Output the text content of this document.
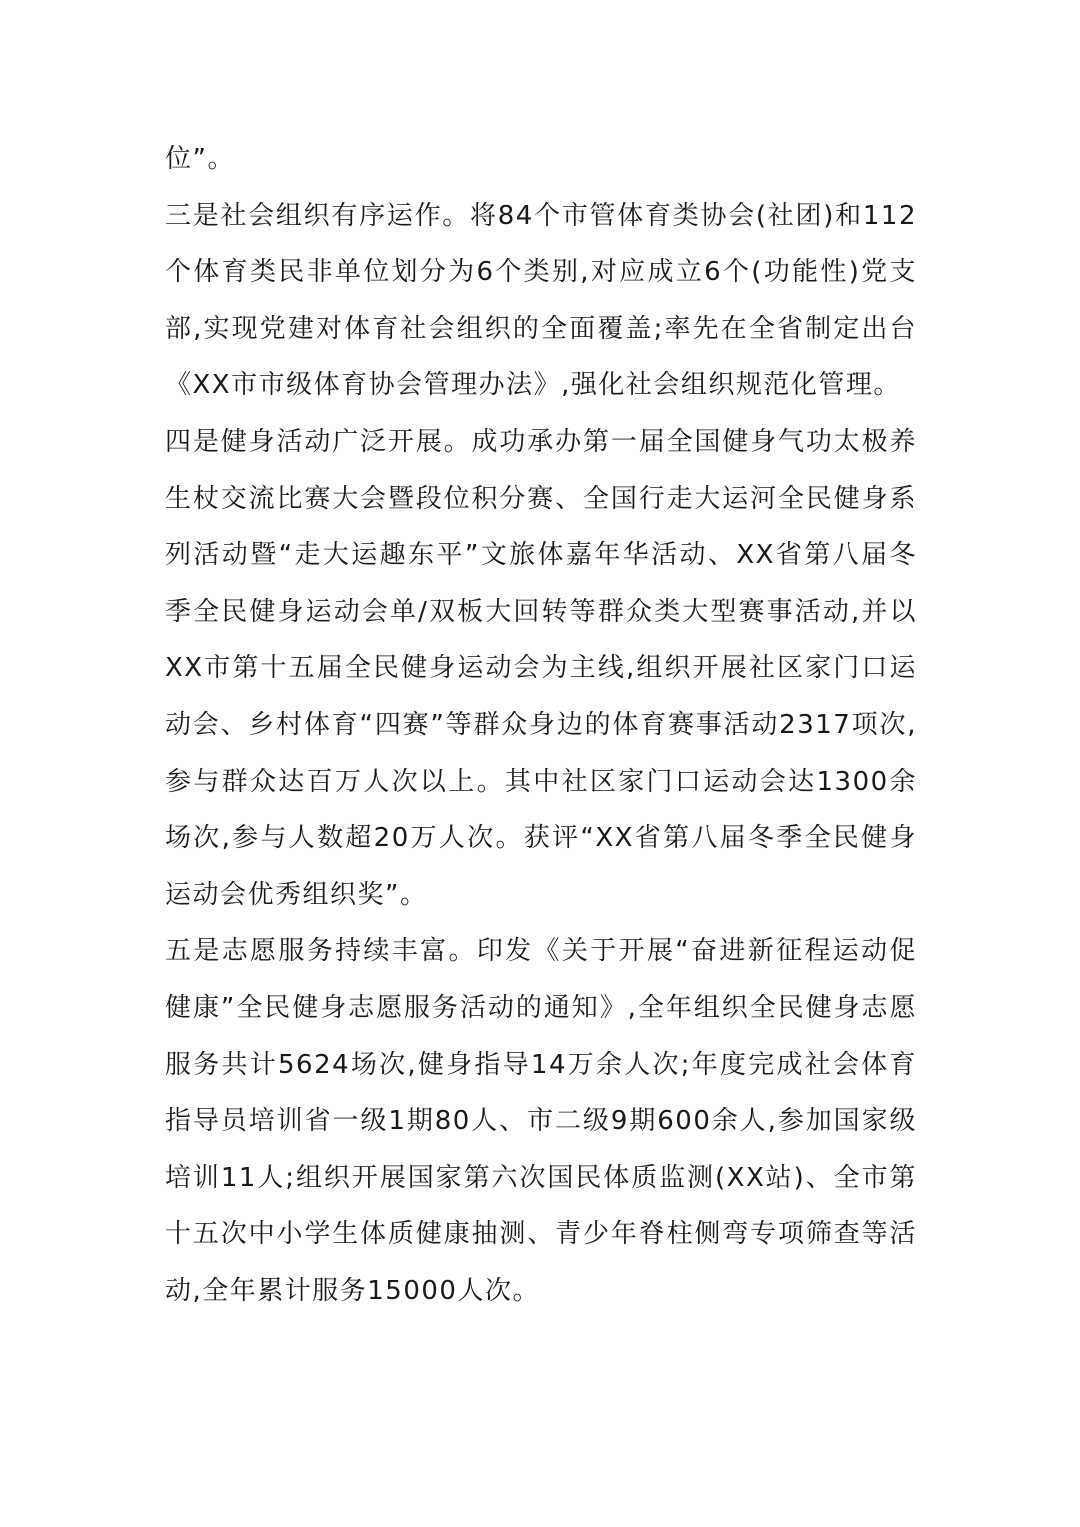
位”。

三是社会组织有序运作。将84个市管体育类协会(社团)和112个体育类民非单位划分为6个类别,对应成立6个(功能性)党支部,实现党建对体育社会组织的全面覆盖;率先在全省制定出台《XX市市级体育协会管理办法》,强化社会组织规范化管理。

四是健身活动广泛开展。成功承办第一届全国健身气功太极养生杖交流比赛大会暨段位积分赛、全国行走大运河全民健身系列活动暨“走大运趣东平”文旅体嘉年华活动、XX省第八届冬季全民健身运动会单/双板大回转等群众类大型赛事活动,并以XX市第十五届全民健身运动会为主线,组织开展社区家门口运动会、乡村体育“四赛”等群众身边的体育赛事活动2317项次,参与群众达百万人次以上。其中社区家门口运动会达1300余场次,参与人数超20万人次。获评“XX省第八届冬季全民健身运动会优秀组织奖”。

五是志愿服务持续丰富。印发《关于开展“奋进新征程运动促健康”全民健身志愿服务活动的通知》,全年组织全民健身志愿服务共计5624场次,健身指导14万余人次;年度完成社会体育指导员培训省一级1期80人、市二级9期600余人,参加国家级培训11人;组织开展国家第六次国民体质监测(XX站)、全市第十五次中小学生体质健康抽测、青少年脊柱侧弯专项筛查等活动,全年累计服务15000人次。
